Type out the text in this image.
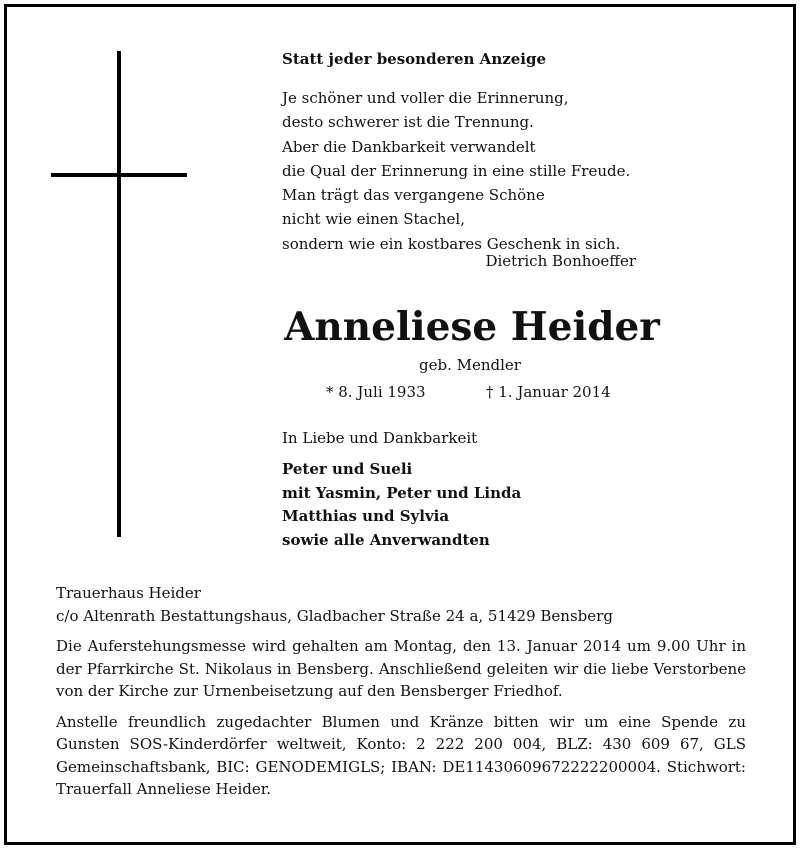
Statt jeder besonderen Anzeige
Je schöner und voller die Erinnerung,
desto schwerer ist die Trennung.
Aber die Dankbarkeit verwandelt
die Qual der Erinnerung in eine stille Freude.
Man trägt das vergangene Schöne
nicht wie einen Stachel,
sondern wie ein kostbares Geschenk in sich.
Dietrich Bonhoeffer
Anneliese Heider
geb. Mendler
* 8. Juli 1933	† 1. Januar 2014
In Liebe und Dankbarkeit
Peter und Sueli
mit Yasmin, Peter und Linda
Matthias und Sylvia
sowie alle Anverwandten
Trauerhaus Heider
c/o Altenrath Bestattungshaus, Gladbacher Straße 24 a, 51429 Bensberg

Die Auferstehungsmesse wird gehalten am Montag, den 13. Januar 2014 um 9.00 Uhr in der Pfarrkirche St. Nikolaus in Bensberg. Anschließend geleiten wir die liebe Verstorbene von der Kirche zur Urnenbeisetzung auf den Bensberger Friedhof.

Anstelle freundlich zugedachter Blumen und Kränze bitten wir um eine Spende zu Gunsten SOS-Kinderdörfer weltweit, Konto: 2 222 200 004, BLZ: 430 609 67, GLS Gemeinschaftsbank, BIC: GENODEMIGLS; IBAN: DE11430609672222200004. Stichwort: Trauerfall Anneliese Heider.
